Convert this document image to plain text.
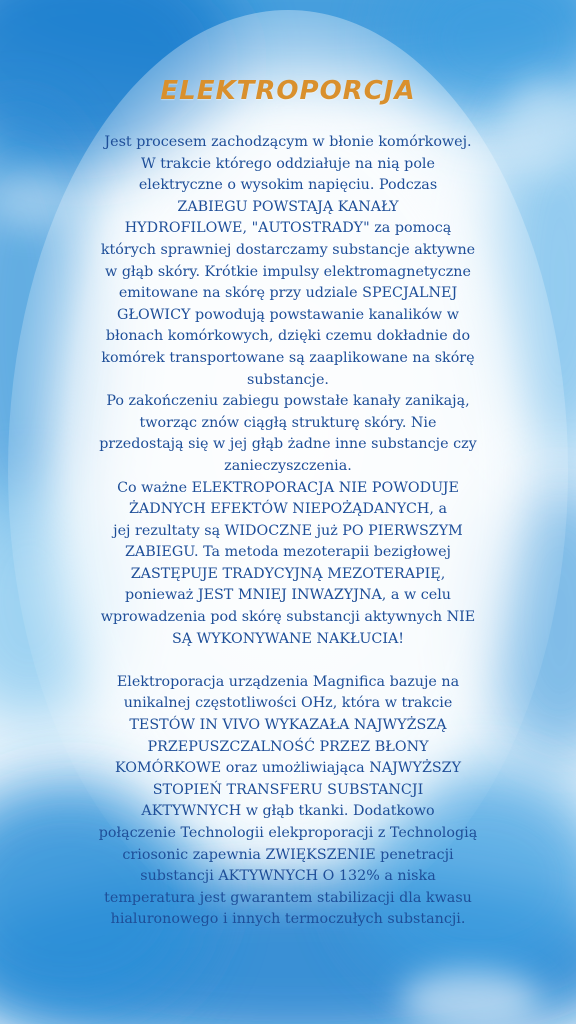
ELEKTROPORCJA

Jest procesem zachodzącym w błonie komórkowej.
W trakcie którego oddziałuje na nią pole
elektryczne o wysokim napięciu. Podczas
ZABIEGU POWSTAJĄ KANAŁY
HYDROFILOWE, "AUTOSTRADY" za pomocą
których sprawniej dostarczamy substancje aktywne
w głąb skóry. Krótkie impulsy elektromagnetyczne
emitowane na skórę przy udziale SPECJALNEJ
GŁOWICY powodują powstawanie kanalików w
błonach komórkowych, dzięki czemu dokładnie do
komórek transportowane są zaaplikowane na skórę
substancje.

Po zakończeniu zabiegu powstałe kanały zanikają,
tworząc znów ciągłą strukturę skóry. Nie
przedostają się w jej głąb żadne inne substancje czy
zanieczyszczenia.

Co ważne ELEKTROPORACJA NIE POWODUJE
ŻADNYCH EFEKTÓW NIEPOŻĄDANYCH, a
jej rezultaty są WIDOCZNE już PO PIERWSZYM
ZABIEGU. Ta metoda mezoterapii bezigłowej
ZASTĘPUJE TRADYCYJNĄ MEZOTERAPIĘ,
ponieważ JEST MNIEJ INWAZYJNA, a w celu
wprowadzenia pod skórę substancji aktywnych NIE
SĄ WYKONYWANE NAKŁUCIA!

Elektroporacja urządzenia Magnifica bazuje na
unikalnej częstotliwości OHz, która w trakcie
TESTÓW IN VIVO WYKAZAŁA NAJWYŻSZĄ
PRZEPUSZCZALNOŚĆ PRZEZ BŁONY
KOMÓRKOWE oraz umożliwiająca NAJWYŻSZY
STOPIEŃ TRANSFERU SUBSTANCJI
AKTYWNYCH w głąb tkanki. Dodatkowo
połączenie Technologii elekproporacji z Technologią
criosonic zapewnia ZWIĘKSZENIE penetracji
substancji AKTYWNYCH O 132% a niska
temperatura jest gwarantem stabilizacji dla kwasu
hialuronowego i innych termoczułych substancji.
